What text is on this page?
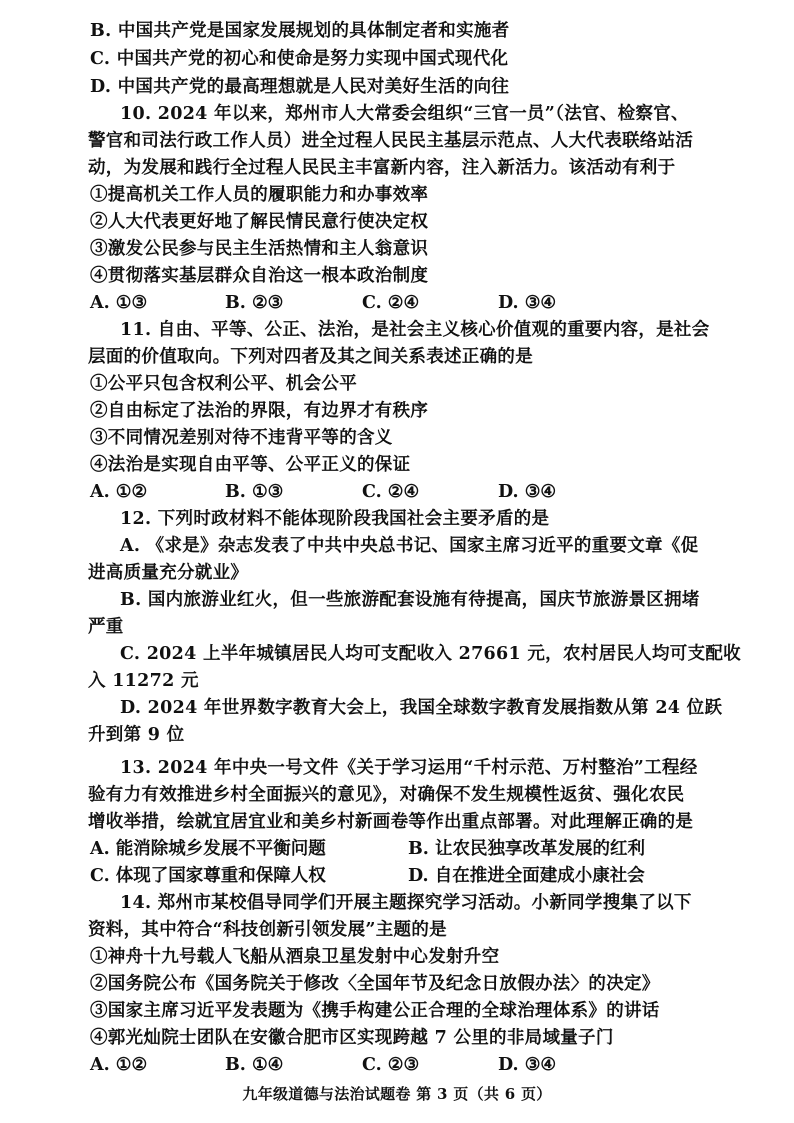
B. 中国共产党是国家发展规划的具体制定者和实施者
C. 中国共产党的初心和使命是努力实现中国式现代化
D. 中国共产党的最高理想就是人民对美好生活的向往
10. 2024 年以来，郑州市人大常委会组织“三官一员”（法官、检察官、
警官和司法行政工作人员）进全过程人民民主基层示范点、人大代表联络站活
动，为发展和践行全过程人民民主丰富新内容，注入新活力。该活动有利于
①提高机关工作人员的履职能力和办事效率
②人大代表更好地了解民情民意行使决定权
③激发公民参与民主生活热情和主人翁意识
④贯彻落实基层群众自治这一根本政治制度
A. ①③	B. ②③	C. ②④	D. ③④
11. 自由、平等、公正、法治，是社会主义核心价值观的重要内容，是社会
层面的价值取向。下列对四者及其之间关系表述正确的是
①公平只包含权利公平、机会公平
②自由标定了法治的界限，有边界才有秩序
③不同情况差别对待不违背平等的含义
④法治是实现自由平等、公平正义的保证
A. ①②	B. ①③	C. ②④	D. ③④
12. 下列时政材料不能体现阶段我国社会主要矛盾的是
A. 《求是》杂志发表了中共中央总书记、国家主席习近平的重要文章《促
进高质量充分就业》
B. 国内旅游业红火，但一些旅游配套设施有待提高，国庆节旅游景区拥堵
严重
C. 2024 上半年城镇居民人均可支配收入 27661 元，农村居民人均可支配收
入 11272 元
D. 2024 年世界数字教育大会上，我国全球数字教育发展指数从第 24 位跃
升到第 9 位
13. 2024 年中央一号文件《关于学习运用“千村示范、万村整治”工程经
验有力有效推进乡村全面振兴的意见》，对确保不发生规模性返贫、强化农民
增收举措，绘就宜居宜业和美乡村新画卷等作出重点部署。对此理解正确的是
A. 能消除城乡发展不平衡问题	B. 让农民独享改革发展的红利
C. 体现了国家尊重和保障人权	D. 自在推进全面建成小康社会
14. 郑州市某校倡导同学们开展主题探究学习活动。小新同学搜集了以下
资料，其中符合“科技创新引领发展”主题的是
①神舟十九号载人飞船从酒泉卫星发射中心发射升空
②国务院公布《国务院关于修改〈全国年节及纪念日放假办法〉的决定》
③国家主席习近平发表题为《携手构建公正合理的全球治理体系》的讲话
④郭光灿院士团队在安徽合肥市区实现跨越 7 公里的非局域量子门
A. ①②	B. ①④	C. ②③	D. ③④
九年级道德与法治试题卷 第 3 页（共 6 页）
